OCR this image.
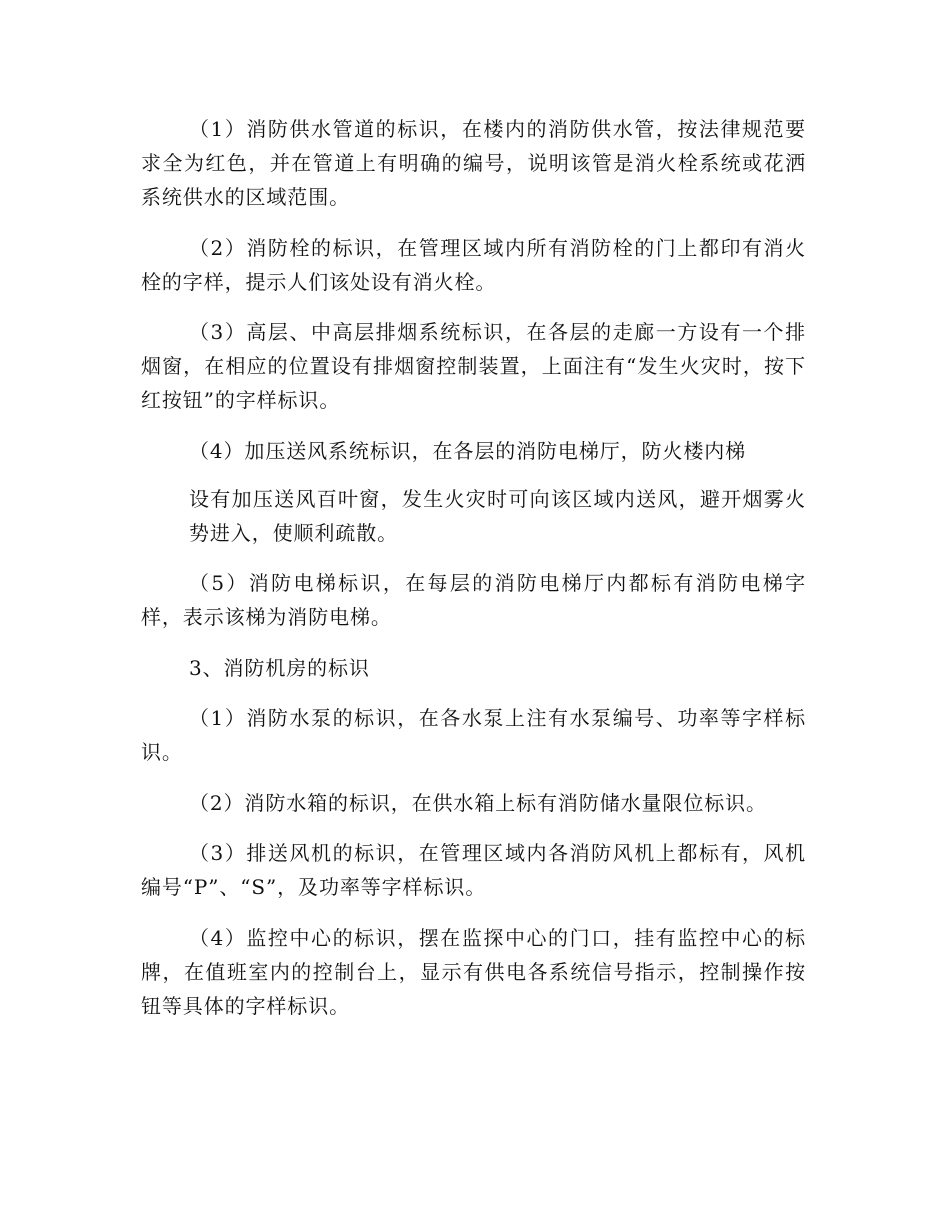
（1）消防供水管道的标识，在楼内的消防供水管，按法律规范要求全为红色，并在管道上有明确的编号，说明该管是消火栓系统或花洒系统供水的区域范围。

（2）消防栓的标识，在管理区域内所有消防栓的门上都印有消火栓的字样，提示人们该处设有消火栓。

（3）高层、中高层排烟系统标识，在各层的走廊一方设有一个排烟窗，在相应的位置设有排烟窗控制装置，上面注有“发生火灾时，按下红按钮”的字样标识。

（4）加压送风系统标识，在各层的消防电梯厅，防火楼内梯

设有加压送风百叶窗，发生火灾时可向该区域内送风，避开烟雾火势进入，使顺利疏散。

（5）消防电梯标识，在每层的消防电梯厅内都标有消防电梯字样，表示该梯为消防电梯。

3、消防机房的标识

（1）消防水泵的标识，在各水泵上注有水泵编号、功率等字样标识。

（2）消防水箱的标识，在供水箱上标有消防储水量限位标识。

（3）排送风机的标识，在管理区域内各消防风机上都标有，风机编号“P”、“S”，及功率等字样标识。

（4）监控中心的标识，摆在监探中心的门口，挂有监控中心的标牌，在值班室内的控制台上，显示有供电各系统信号指示，控制操作按钮等具体的字样标识。
